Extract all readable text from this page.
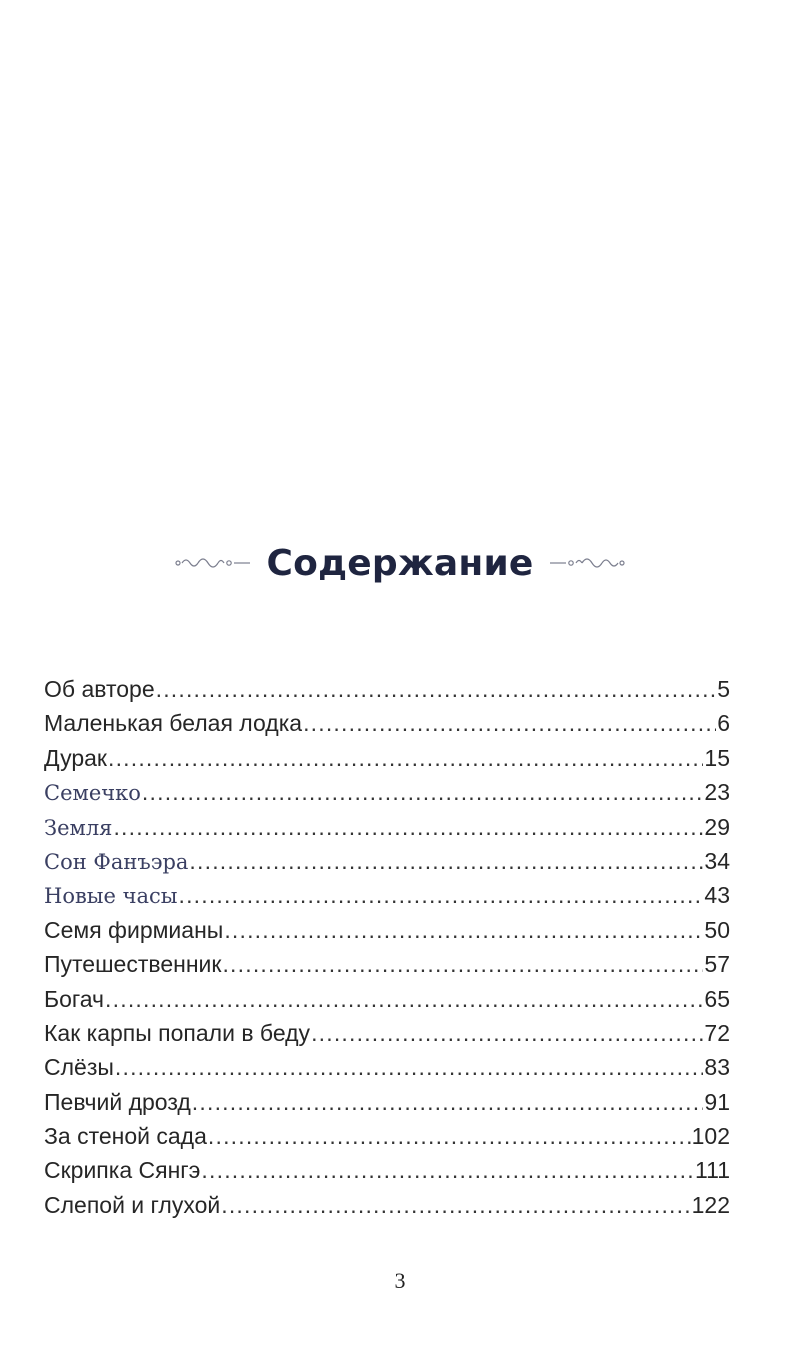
Содержание
Об авторе .....	5
Маленькая белая лодка .....	6
Дурак .....	15
Семечко .....	23
Земля .....	29
Сон Фанъэра .....	34
Новые часы .....	43
Семя фирмианы .....	50
Путешественник .....	57
Богач .....	65
Как карпы попали в беду .....	72
Слёзы .....	83
Певчий дрозд .....	91
За стеной сада .....	102
Скрипка Сянгэ .....	111
Слепой и глухой .....	122
3
